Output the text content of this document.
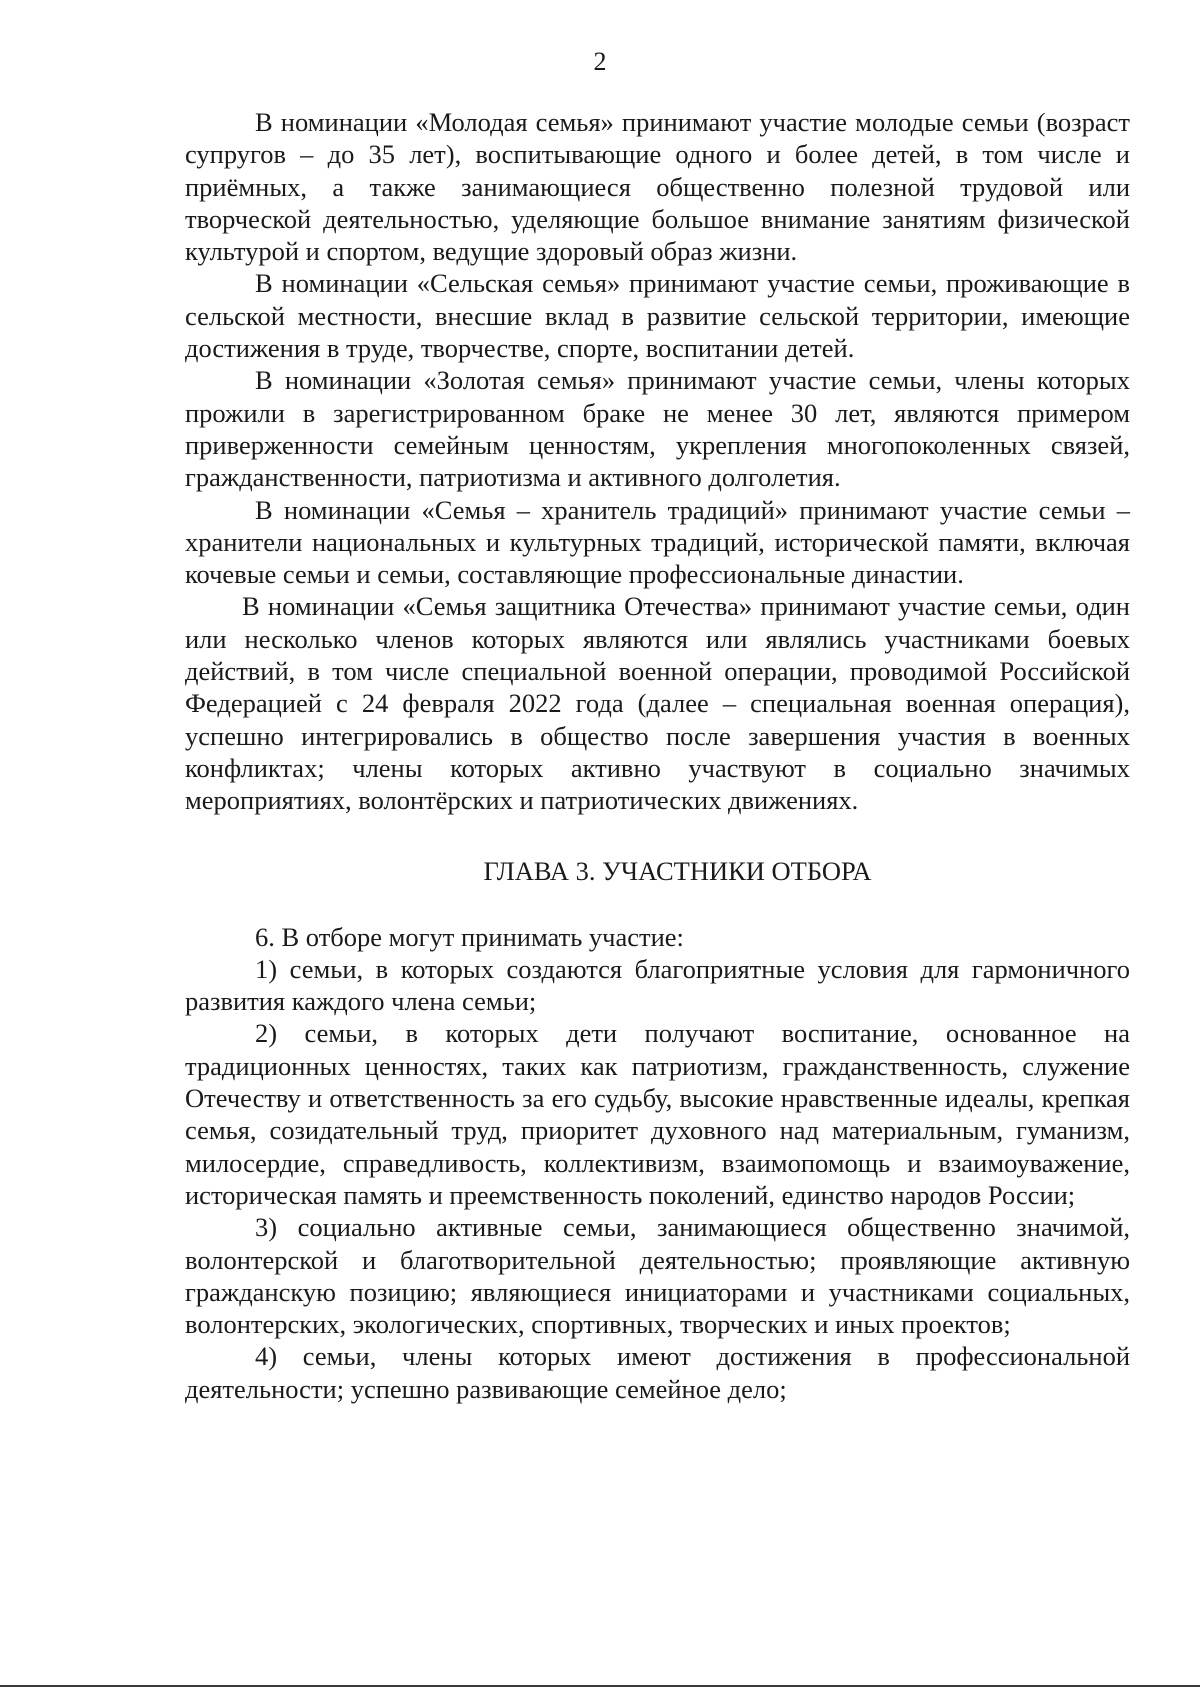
2

В номинации «Молодая семья» принимают участие молодые семьи (возраст супругов – до 35 лет), воспитывающие одного и более детей, в том числе и приёмных, а также занимающиеся общественно полезной трудовой или творческой деятельностью, уделяющие большое внимание занятиям физической культурой и спортом, ведущие здоровый образ жизни.

В номинации «Сельская семья» принимают участие семьи, проживающие в сельской местности, внесшие вклад в развитие сельской территории, имеющие достижения в труде, творчестве, спорте, воспитании детей.

В номинации «Золотая семья» принимают участие семьи, члены которых прожили в зарегистрированном браке не менее 30 лет, являются примером приверженности семейным ценностям, укрепления многопоколенных связей, гражданственности, патриотизма и активного долголетия.

В номинации «Семья – хранитель традиций» принимают участие семьи – хранители национальных и культурных традиций, исторической памяти, включая кочевые семьи и семьи, составляющие профессиональные династии.

В номинации «Семья защитника Отечества» принимают участие семьи, один или несколько членов которых являются или являлись участниками боевых действий, в том числе специальной военной операции, проводимой Российской Федерацией с 24 февраля 2022 года (далее – специальная военная операция), успешно интегрировались в общество после завершения участия в военных конфликтах; члены которых активно участвуют в социально значимых мероприятиях, волонтёрских и патриотических движениях.

ГЛАВА 3. УЧАСТНИКИ ОТБОРА

6. В отборе могут принимать участие:

1) семьи, в которых создаются благоприятные условия для гармоничного развития каждого члена семьи;

2) семьи, в которых дети получают воспитание, основанное на традиционных ценностях, таких как патриотизм, гражданственность, служение Отечеству и ответственность за его судьбу, высокие нравственные идеалы, крепкая семья, созидательный труд, приоритет духовного над материальным, гуманизм, милосердие, справедливость, коллективизм, взаимопомощь и взаимоуважение, историческая память и преемственность поколений, единство народов России;

3) социально активные семьи, занимающиеся общественно значимой, волонтерской и благотворительной деятельностью; проявляющие активную гражданскую позицию; являющиеся инициаторами и участниками социальных, волонтерских, экологических, спортивных, творческих и иных проектов;

4) семьи, члены которых имеют достижения в профессиональной деятельности; успешно развивающие семейное дело;
